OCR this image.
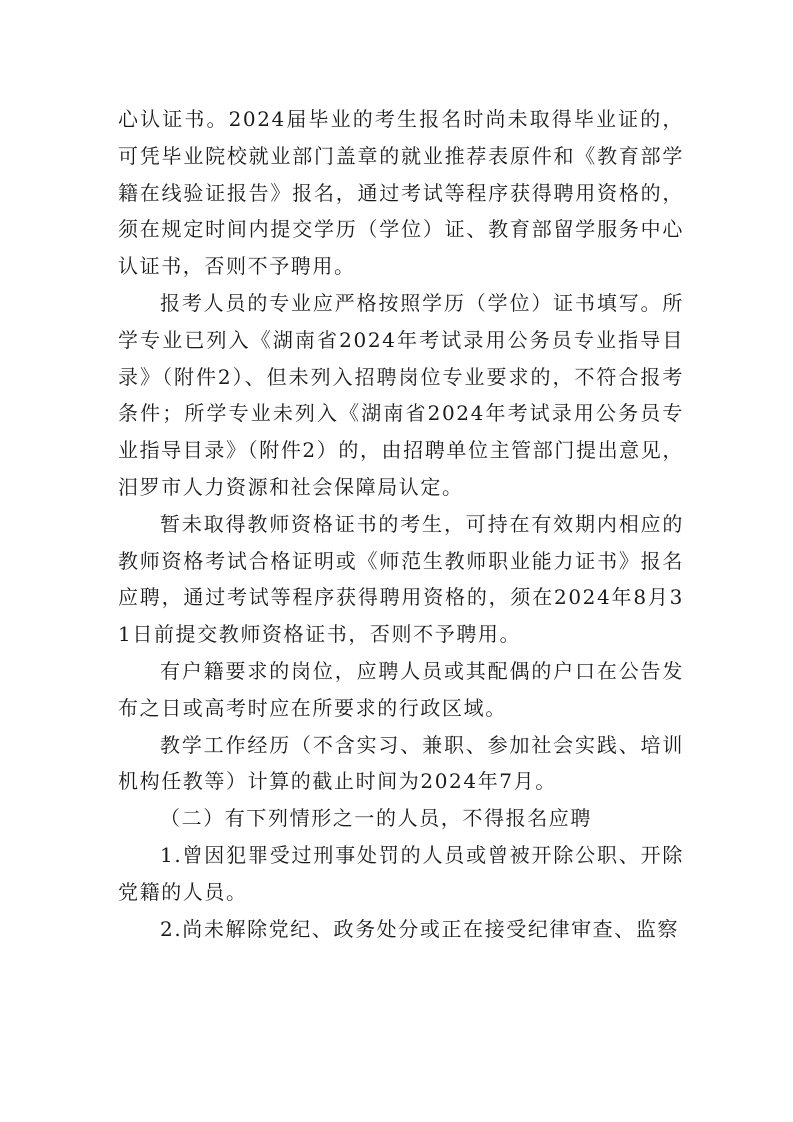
心认证书。2024届毕业的考生报名时尚未取得毕业证的，可凭毕业院校就业部门盖章的就业推荐表原件和《教育部学籍在线验证报告》报名，通过考试等程序获得聘用资格的，须在规定时间内提交学历（学位）证、教育部留学服务中心认证书，否则不予聘用。

报考人员的专业应严格按照学历（学位）证书填写。所学专业已列入《湖南省2024年考试录用公务员专业指导目录》（附件2）、但未列入招聘岗位专业要求的，不符合报考条件；所学专业未列入《湖南省2024年考试录用公务员专业指导目录》（附件2）的，由招聘单位主管部门提出意见，汨罗市人力资源和社会保障局认定。

暂未取得教师资格证书的考生，可持在有效期内相应的教师资格考试合格证明或《师范生教师职业能力证书》报名应聘，通过考试等程序获得聘用资格的，须在2024年8月31日前提交教师资格证书，否则不予聘用。

有户籍要求的岗位，应聘人员或其配偶的户口在公告发布之日或高考时应在所要求的行政区域。

教学工作经历（不含实习、兼职、参加社会实践、培训机构任教等）计算的截止时间为2024年7月。

（二）有下列情形之一的人员，不得报名应聘

1.曾因犯罪受过刑事处罚的人员或曾被开除公职、开除党籍的人员。

2.尚未解除党纪、政务处分或正在接受纪律审查、监察
